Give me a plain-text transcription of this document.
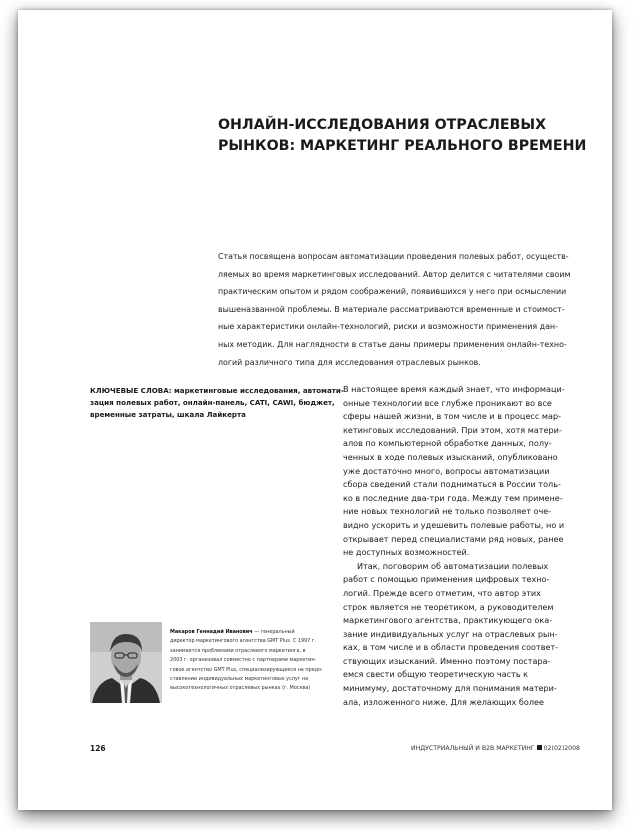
ОНЛАЙН-ИССЛЕДОВАНИЯ ОТРАСЛЕВЫХ
РЫНКОВ: МАРКЕТИНГ РЕАЛЬНОГО ВРЕМЕНИ

Статья посвящена вопросам автоматизации проведения полевых работ, осуществ-
ляемых во время маркетинговых исследований. Автор делится с читателями своим
практическим опытом и рядом соображений, появившихся у него при осмыслении
вышеназванной проблемы. В материале рассматриваются временные и стоимост-
ные характеристики онлайн-технологий, риски и возможности применения дан-
ных методик. Для наглядности в статье даны примеры применения онлайн-техно-
логий различного типа для исследования отраслевых рынков.

КЛЮЧЕВЫЕ СЛОВА: маркетинговые исследования, автомати-
зация полевых работ, онлайн-панель, CATI, CAWI, бюджет,
временные затраты, шкала Лайкерта

В настоящее время каждый знает, что информаци-
онные технологии все глубже проникают во все
сферы нашей жизни, в том числе и в процесс мар-
кетинговых исследований. При этом, хотя матери-
алов по компьютерной обработке данных, полу-
ченных в ходе полевых изысканий, опубликовано
уже достаточно много, вопросы автоматизации
сбора сведений стали подниматься в России толь-
ко в последние два-три года. Между тем примене-
ние новых технологий не только позволяет оче-
видно ускорить и удешевить полевые работы, но и
открывает перед специалистами ряд новых, ранее
не доступных возможностей.
Итак, поговорим об автоматизации полевых
работ с помощью применения цифровых техно-
логий. Прежде всего отметим, что автор этих
строк является не теоретиком, а руководителем
маркетингового агентства, практикующего ока-
зание индивидуальных услуг на отраслевых рын-
ках, в том числе и в области проведения соответ-
ствующих изысканий. Именно поэтому постара-
емся свести общую теоретическую часть к
минимуму, достаточному для понимания матери-
ала, изложенного ниже. Для желающих более

Макаров Геннадий Иванович — генеральный
директор маркетингового агентства GMT Plus. С 1997 г.
занимается проблемами отраслевого маркетинга, в
2003 г. организовал совместно с партнерами маркетин-
говое агентство GMT Plus, специализирующееся на предо-
ставлении индивидуальных маркетинговых услуг на
высокотехнологичных отраслевых рынках (г. Москва)

126	ИНДУСТРИАЛЬНЫЙ И B2B МАРКЕТИНГ 02(02)2008
